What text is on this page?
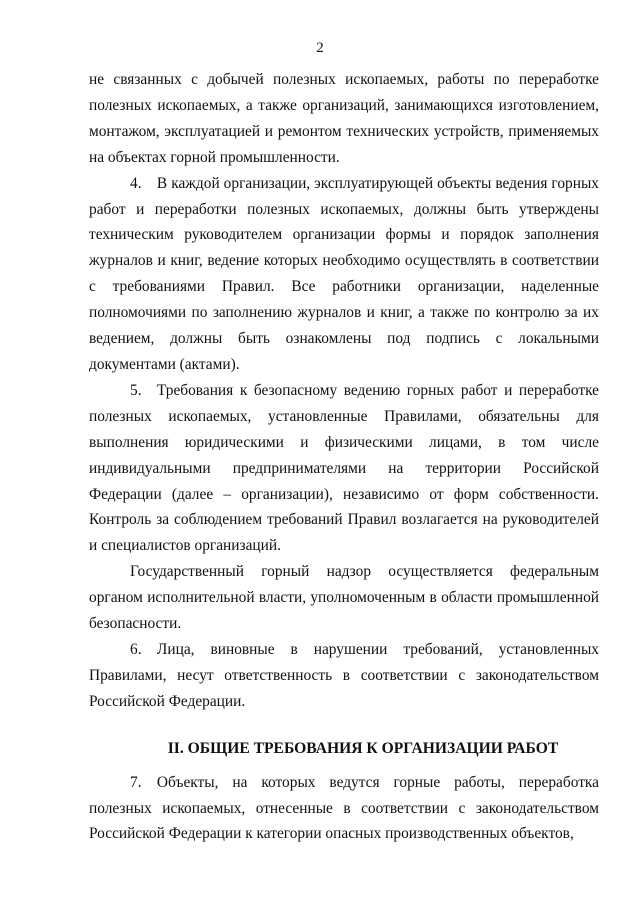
2

не связанных с добычей полезных ископаемых, работы по переработке полезных ископаемых, а также организаций, занимающихся изготовлением, монтажом, эксплуатацией и ремонтом технических устройств, применяемых на объектах горной промышленности.

4. В каждой организации, эксплуатирующей объекты ведения горных работ и переработки полезных ископаемых, должны быть утверждены техническим руководителем организации формы и порядок заполнения журналов и книг, ведение которых необходимо осуществлять в соответствии с требованиями Правил. Все работники организации, наделенные полномочиями по заполнению журналов и книг, а также по контролю за их ведением, должны быть ознакомлены под подпись с локальными документами (актами).

5. Требования к безопасному ведению горных работ и переработке полезных ископаемых, установленные Правилами, обязательны для выполнения юридическими и физическими лицами, в том числе индивидуальными предпринимателями на территории Российской Федерации (далее – организации), независимо от форм собственности. Контроль за соблюдением требований Правил возлагается на руководителей и специалистов организаций.

Государственный горный надзор осуществляется федеральным органом исполнительной власти, уполномоченным в области промышленной безопасности.

6. Лица, виновные в нарушении требований, установленных Правилами, несут ответственность в соответствии с законодательством Российской Федерации.

II. ОБЩИЕ ТРЕБОВАНИЯ К ОРГАНИЗАЦИИ РАБОТ

7. Объекты, на которых ведутся горные работы, переработка полезных ископаемых, отнесенные в соответствии с законодательством Российской Федерации к категории опасных производственных объектов,
